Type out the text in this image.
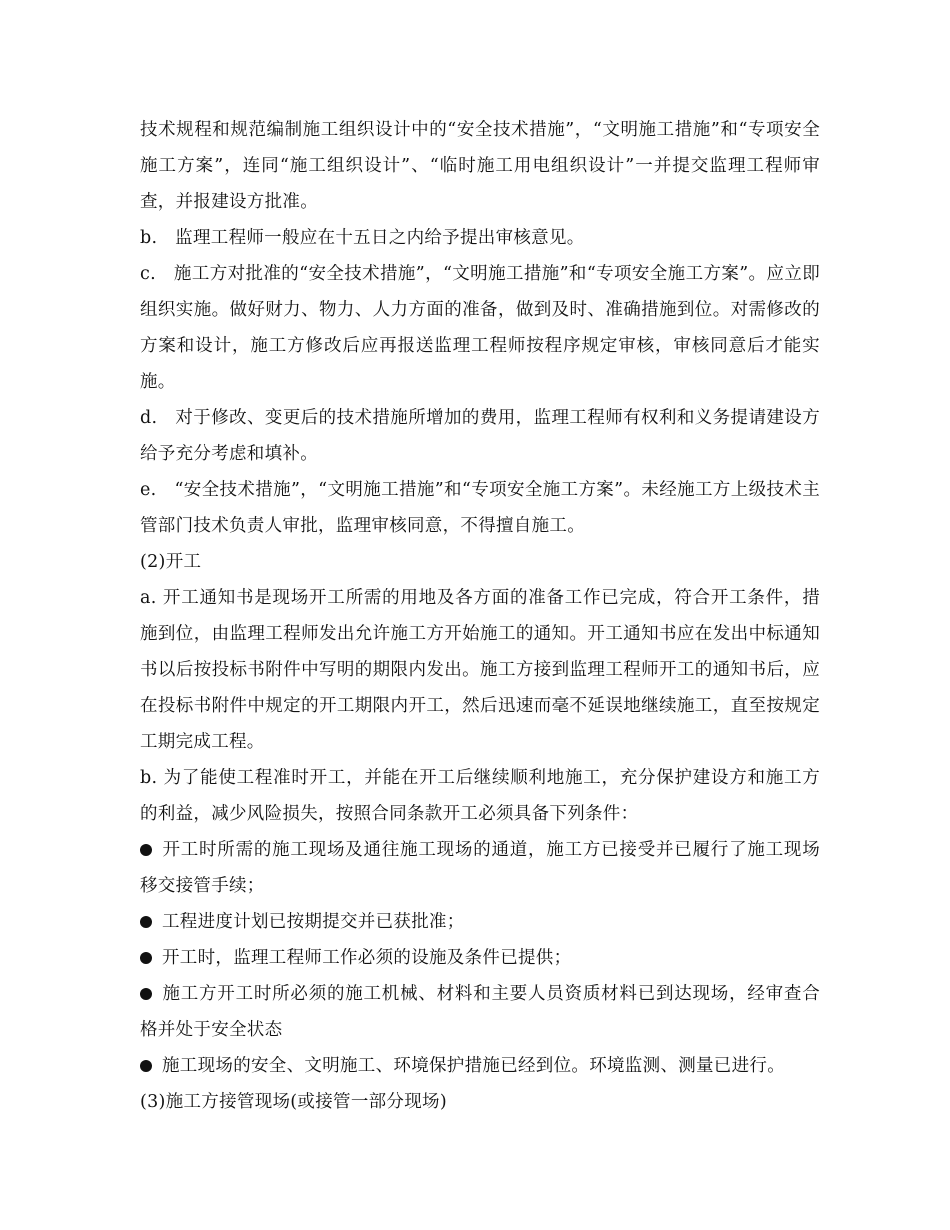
技术规程和规范编制施工组织设计中的“安全技术措施”，“文明施工措施”和“专项安全施工方案”，连同“施工组织设计”、“临时施工用电组织设计”一并提交监理工程师审查，并报建设方批准。

b.　监理工程师一般应在十五日之内给予提出审核意见。

c.　施工方对批准的“安全技术措施”，“文明施工措施”和“专项安全施工方案”。应立即组织实施。做好财力、物力、人力方面的准备，做到及时、准确措施到位。对需修改的方案和设计，施工方修改后应再报送监理工程师按程序规定审核，审核同意后才能实施。

d.　对于修改、变更后的技术措施所增加的费用，监理工程师有权利和义务提请建设方给予充分考虑和填补。

e.　“安全技术措施”，“文明施工措施”和“专项安全施工方案”。未经施工方上级技术主管部门技术负责人审批，监理审核同意，不得擅自施工。

(2)开工

a. 开工通知书是现场开工所需的用地及各方面的准备工作已完成，符合开工条件，措施到位，由监理工程师发出允许施工方开始施工的通知。开工通知书应在发出中标通知书以后按投标书附件中写明的期限内发出。施工方接到监理工程师开工的通知书后，应在投标书附件中规定的开工期限内开工，然后迅速而毫不延误地继续施工，直至按规定工期完成工程。

b. 为了能使工程准时开工，并能在开工后继续顺利地施工，充分保护建设方和施工方的利益，减少风险损失，按照合同条款开工必须具备下列条件：

开工时所需的施工现场及通往施工现场的通道，施工方已接受并已履行了施工现场移交接管手续；

工程进度计划已按期提交并已获批准；

开工时，监理工程师工作必须的设施及条件已提供；

施工方开工时所必须的施工机械、材料和主要人员资质材料已到达现场，经审查合格并处于安全状态

施工现场的安全、文明施工、环境保护措施已经到位。环境监测、测量已进行。

(3)施工方接管现场(或接管一部分现场)
